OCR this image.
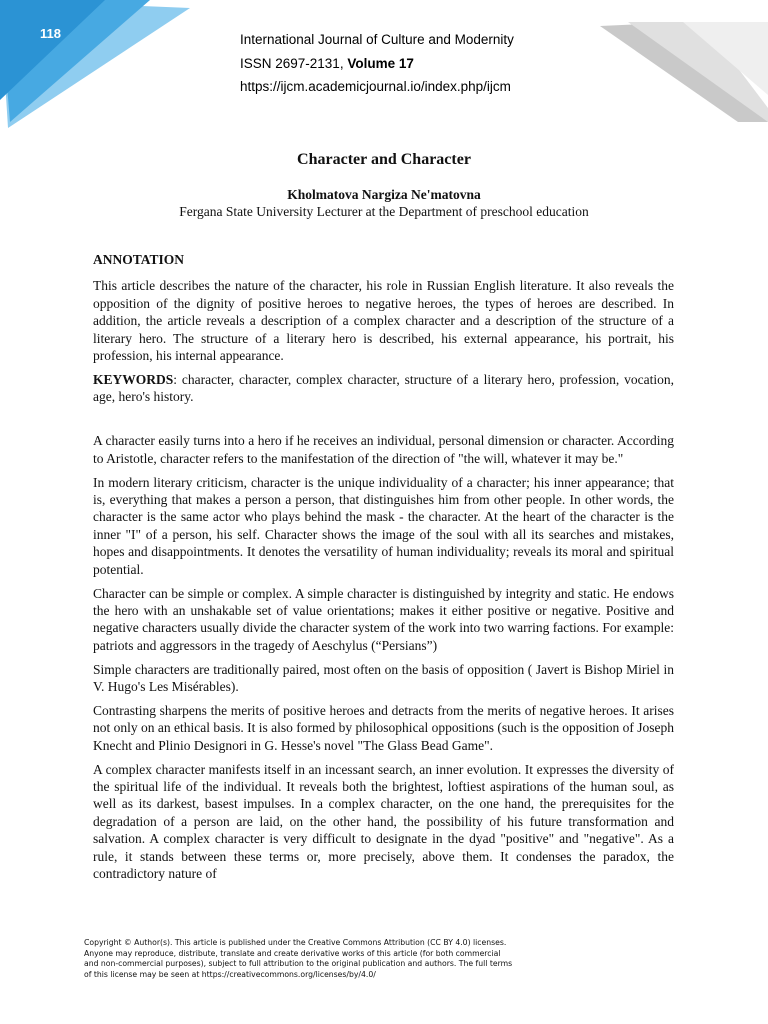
118	International Journal of Culture and Modernity
ISSN 2697-2131, Volume 17
https://ijcm.academicjournal.io/index.php/ijcm
Character and Character
Kholmatova Nargiza Ne'matovna
Fergana State University Lecturer at the Department of preschool education
ANNOTATION

This article describes the nature of the character, his role in Russian English literature. It also reveals the opposition of the dignity of positive heroes to negative heroes, the types of heroes are described. In addition, the article reveals a description of a complex character and a description of the structure of a literary hero. The structure of a literary hero is described, his external appearance, his portrait, his profession, his internal appearance.

KEYWORDS: character, character, complex character, structure of a literary hero, profession, vocation, age, hero's history.

A character easily turns into a hero if he receives an individual, personal dimension or character. According to Aristotle, character refers to the manifestation of the direction of "the will, whatever it may be."

In modern literary criticism, character is the unique individuality of a character; his inner appearance; that is, everything that makes a person a person, that distinguishes him from other people. In other words, the character is the same actor who plays behind the mask - the character. At the heart of the character is the inner "I" of a person, his self. Character shows the image of the soul with all its searches and mistakes, hopes and disappointments. It denotes the versatility of human individuality; reveals its moral and spiritual potential.

Character can be simple or complex. A simple character is distinguished by integrity and static. He endows the hero with an unshakable set of value orientations; makes it either positive or negative. Positive and negative characters usually divide the character system of the work into two warring factions. For example: patriots and aggressors in the tragedy of Aeschylus (“Persians”)

Simple characters are traditionally paired, most often on the basis of opposition ( Javert is Bishop Miriel in V. Hugo's Les Misérables).

Contrasting sharpens the merits of positive heroes and detracts from the merits of negative heroes. It arises not only on an ethical basis. It is also formed by philosophical oppositions (such is the opposition of Joseph Knecht and Plinio Designori in G. Hesse's novel "The Glass Bead Game".

A complex character manifests itself in an incessant search, an inner evolution. It expresses the diversity of the spiritual life of the individual. It reveals both the brightest, loftiest aspirations of the human soul, as well as its darkest, basest impulses. In a complex character, on the one hand, the prerequisites for the degradation of a person are laid, on the other hand, the possibility of his future transformation and salvation. A complex character is very difficult to designate in the dyad "positive" and "negative". As a rule, it stands between these terms or, more precisely, above them. It condenses the paradox, the contradictory nature of

Copyright © Author(s). This article is published under the Creative Commons Attribution (CC BY 4.0) licenses.
Anyone may reproduce, distribute, translate and create derivative works of this article (for both commercial
and non-commercial purposes), subject to full attribution to the original publication and authors. The full terms
of this license may be seen at https://creativecommons.org/licenses/by/4.0/
